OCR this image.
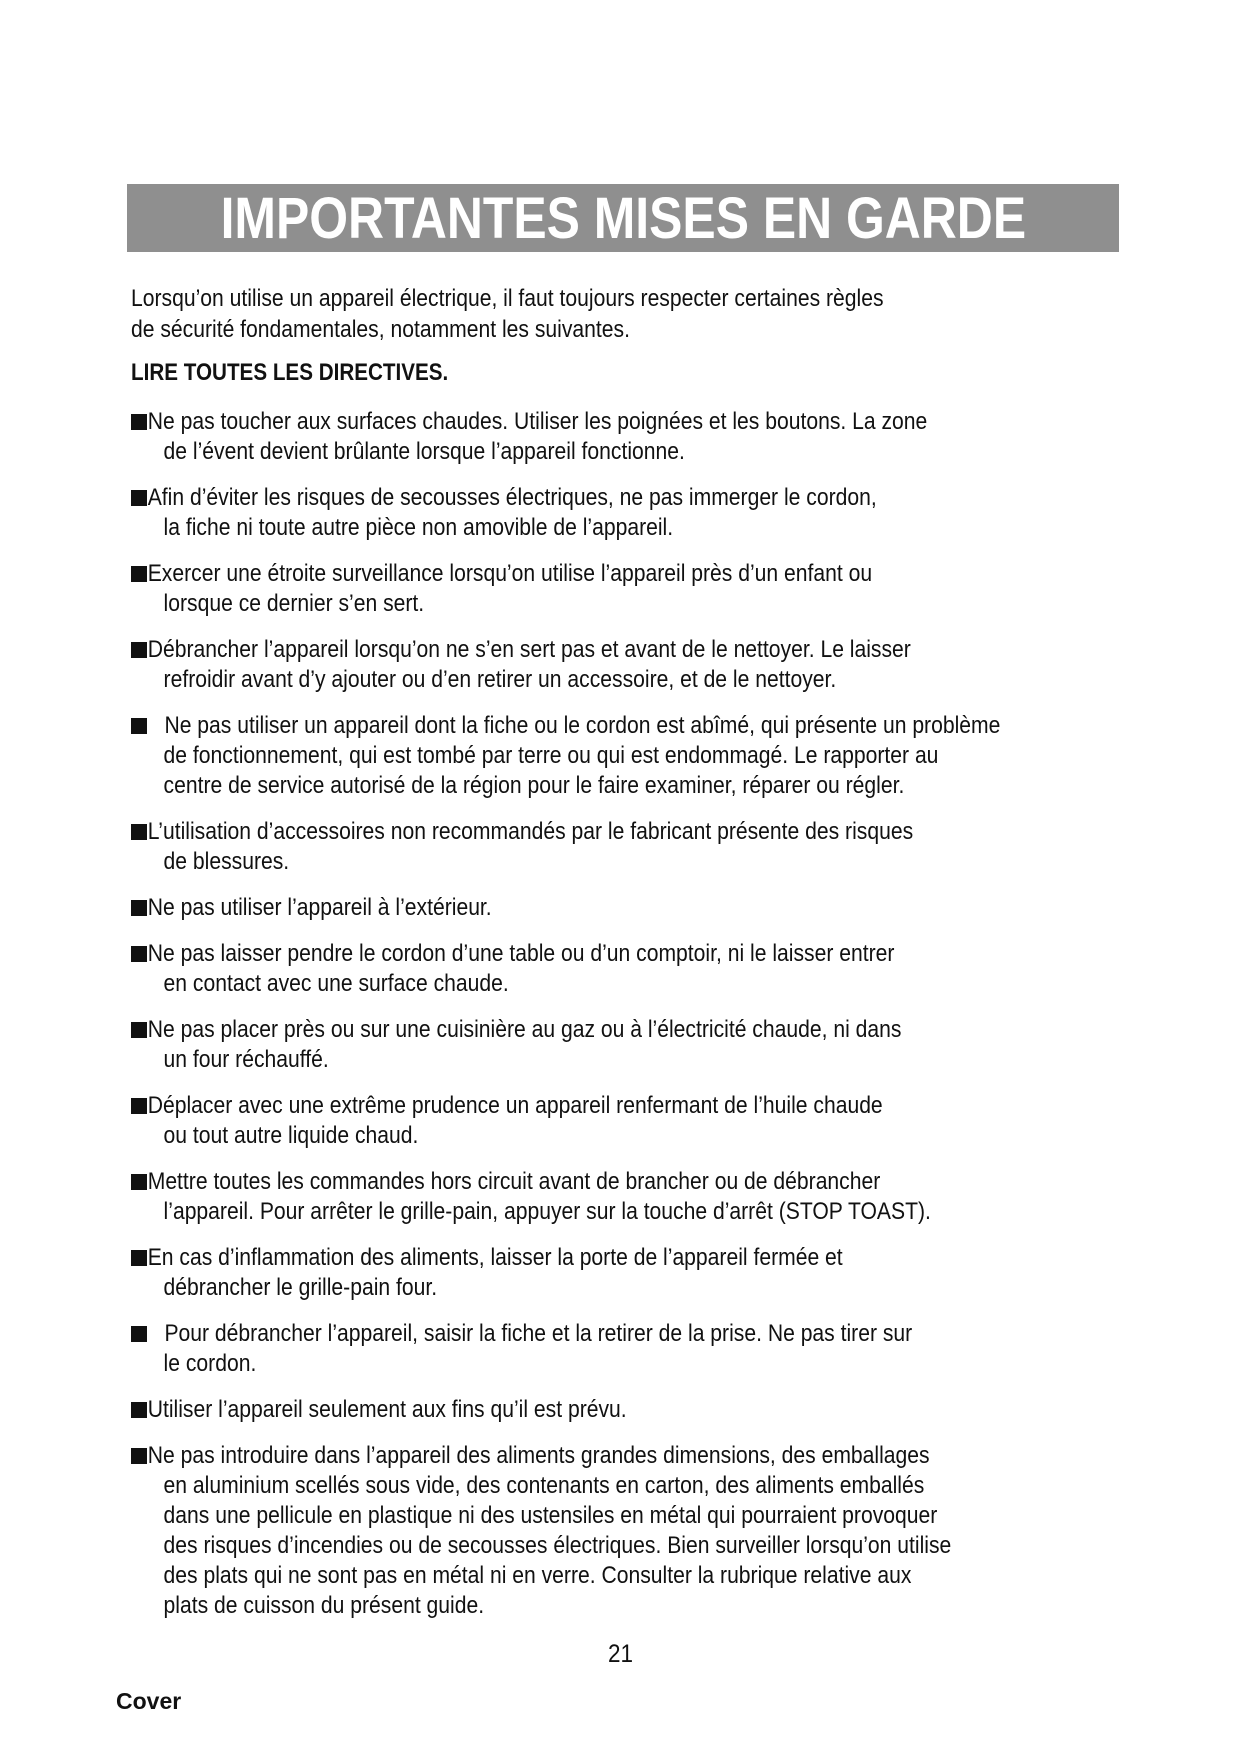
IMPORTANTES MISES EN GARDE
Lorsqu’on utilise un appareil électrique, il faut toujours respecter certaines règles
de sécurité fondamentales, notamment les suivantes.
LIRE TOUTES LES DIRECTIVES.
Ne pas toucher aux surfaces chaudes. Utiliser les poignées et les boutons. La zone
de l’évent devient brûlante lorsque l’appareil fonctionne.
Afin d’éviter les risques de secousses électriques, ne pas immerger le cordon,
la fiche ni toute autre pièce non amovible de l’appareil.
Exercer une étroite surveillance lorsqu’on utilise l’appareil près d’un enfant ou
lorsque ce dernier s’en sert.
Débrancher l’appareil lorsqu’on ne s’en sert pas et avant de le nettoyer. Le laisser
refroidir avant d’y ajouter ou d’en retirer un accessoire, et de le nettoyer.
Ne pas utiliser un appareil dont la fiche ou le cordon est abîmé, qui présente un problème
de fonctionnement, qui est tombé par terre ou qui est endommagé. Le rapporter au
centre de service autorisé de la région pour le faire examiner, réparer ou régler.
L’utilisation d’accessoires non recommandés par le fabricant présente des risques
de blessures.
Ne pas utiliser l’appareil à l’extérieur.
Ne pas laisser pendre le cordon d’une table ou d’un comptoir, ni le laisser entrer
en contact avec une surface chaude.
Ne pas placer près ou sur une cuisinière au gaz ou à l’électricité chaude, ni dans
un four réchauffé.
Déplacer avec une extrême prudence un appareil renfermant de l’huile chaude
ou tout autre liquide chaud.
Mettre toutes les commandes hors circuit avant de brancher ou de débrancher
l’appareil. Pour arrêter le grille-pain, appuyer sur la touche d’arrêt (STOP TOAST).
En cas d’inflammation des aliments, laisser la porte de l’appareil fermée et
débrancher le grille-pain four.
Pour débrancher l’appareil, saisir la fiche et la retirer de la prise. Ne pas tirer sur
le cordon.
Utiliser l’appareil seulement aux fins qu’il est prévu.
Ne pas introduire dans l’appareil des aliments grandes dimensions, des emballages
en aluminium scellés sous vide, des contenants en carton, des aliments emballés
dans une pellicule en plastique ni des ustensiles en métal qui pourraient provoquer
des risques d’incendies ou de secousses électriques. Bien surveiller lorsqu’on utilise
des plats qui ne sont pas en métal ni en verre. Consulter la rubrique relative aux
plats de cuisson du présent guide.
21
Cover
